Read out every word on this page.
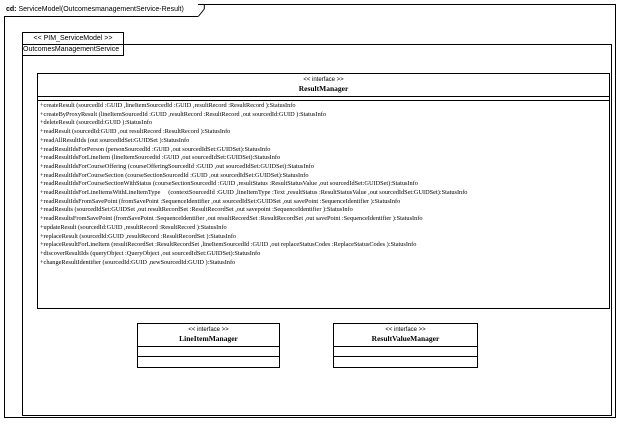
cd: ServiceModel(OutcomesmanagementService-Result)
<< PIM_ServiceModel >>
OutcomesManagementService
<< interface >>
ResultManager
+createResult (sourcedId :GUID ,lineItemSourcedId :GUID ,resultRecord :ResultRecord ):StatusInfo
+createByProxyResult (lineItemSourcedId :GUID ,resultRecord :ResultRecord ,out sourcedId:GUID ):StatusInfo
+deleteResult (sourcedId:GUID ):StatusInfo
+readResult (sourcedId:GUID ,out resultRecord :ResultRecord ):StatusInfo
+readAllResultIds (out sourcedIdSet:GUIDSet ):StatusInfo
+readResultIdsForPerson (personSourcedId :GUID ,out sourcedIdSet:GUIDSet):StatusInfo
+readResultIdsForLineItem (lineItemSourcedid :GUID ,out sourcedIdSet:GUIDSet):StatusInfo
+readResultIdsForCourseOffering (courseOfferingSourcedId :GUID ,out sourcedIdSet:GUIDSet):StatusInfo
+readResultIdsForCourseSection (courseSectionSourcedId :GUID ,out sourcedIdSet:GUIDSet):StatusInfo
+readResultIdsForCourseSectionWithStatus (courseSectionSourcedId :GUID ,resultStatus :ResultStatusValue ,out sourcedIdSet:GUIDSet):StatusInfo
+readResultIdsForLineItemsWithLineItemType     (contextSourcedId :GUID ,lineItemType :Text ,resultStatus :ResultStatusValue ,out sourcedIdSet:GUIDSet):StatusInfo
+readResultIdsFromSavePoint (fromSavePoint :SequenceIdentifier ,out sourcedIdSet:GUIDSet ,out savePoint :SequenceIdentifier ):StatusInfo
+readResults (sourcedIdSet:GUIDSet ,out resultRecordSet :ResultRecordSet ,out savepoint :SequenceIdentifier ):StatusInfo
+readResultsFromSavePoint (fromSavePoint :SequenceIdentifier ,out resultRecordSet :ResultRecordSet ,out savePoint :SequenceIdentifier ):StatusInfo
+updateResult (sourcedId:GUID ,resultRecord :ResultRecord ):StatusInfo
+replaceResult (sourcedId:GUID ,resultRecord :ResultRecordSet ):StatusInfo
+replaceResultForLineItem (resultRecordSet :ResultRecordSet ,lineItemSourcedId :GUID ,out replaceStatusCodes :ReplaceStatusCodes ):StatusInfo
+discoverResultIds (queryObject :QueryObject ,out sourcedIdSet:GUIDSet):StatusInfo
+changeResultIdentifier (sourcedId:GUID ,newSourcedId:GUID ):StatusInfo
<< interface >>
LineItemManager
<< interface >>
ResultValueManager
